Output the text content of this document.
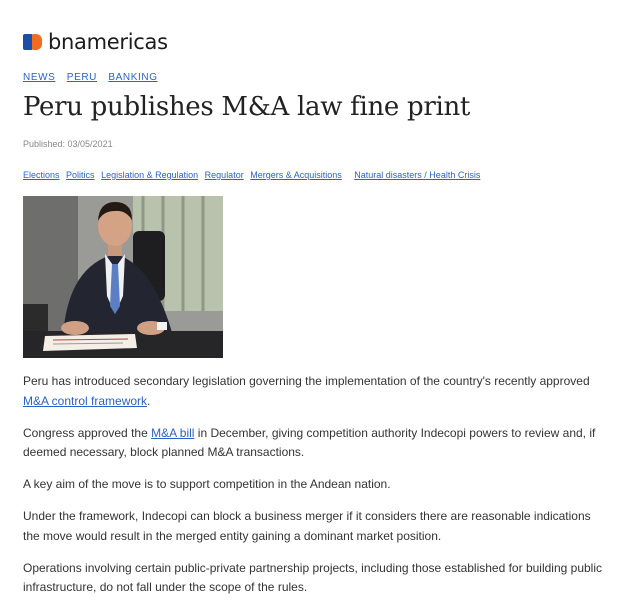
bnamericas
NEWS PERU BANKING
Peru publishes M&A law fine print
Published: 03/05/2021
Elections Politics Legislation & Regulation Regulator Mergers & Acquisitions Natural disasters / Health Crisis

Peru has introduced secondary legislation governing the implementation of the country's recently approved M&A control framework.

Congress approved the M&A bill in December, giving competition authority Indecopi powers to review and, if deemed necessary, block planned M&A transactions.

A key aim of the move is to support competition in the Andean nation.

Under the framework, Indecopi can block a business merger if it considers there are reasonable indications the move would result in the merged entity gaining a dominant market position.

Operations involving certain public-private partnership projects, including those established for building public infrastructure, do not fall under the scope of the rules.
